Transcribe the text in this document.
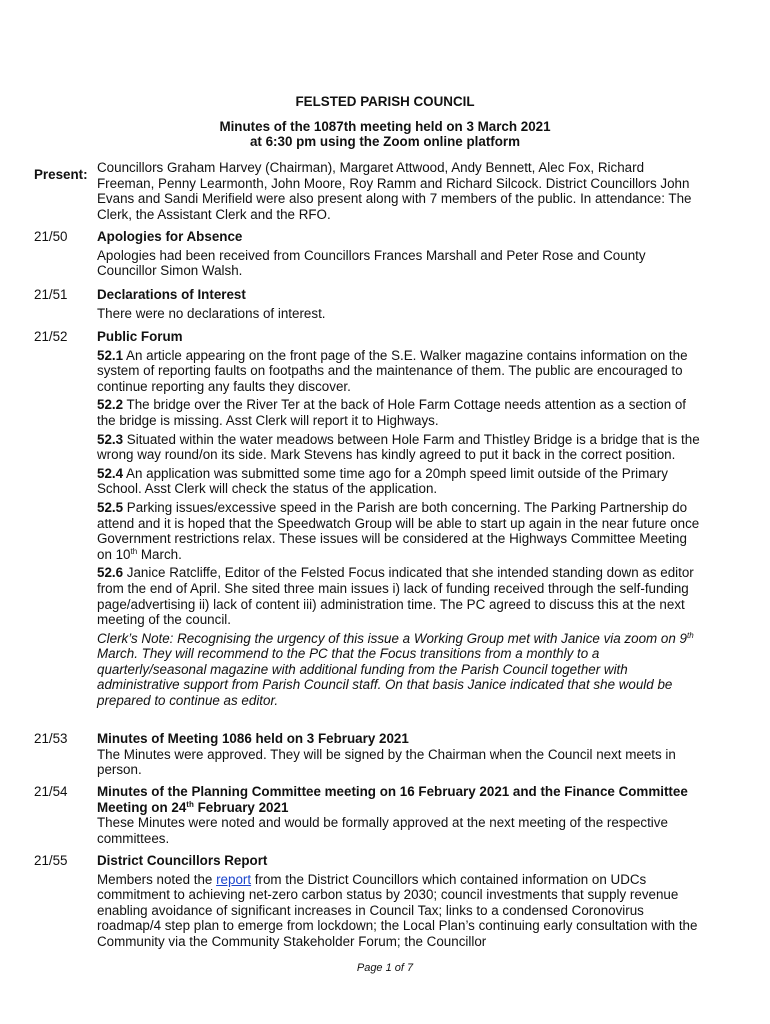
FELSTED PARISH COUNCIL
Minutes of the 1087th meeting held on 3 March 2021
at 6:30 pm using the Zoom online platform
Present: Councillors Graham Harvey (Chairman), Margaret Attwood, Andy Bennett, Alec Fox, Richard Freeman, Penny Learmonth, John Moore, Roy Ramm and Richard Silcock. District Councillors John Evans and Sandi Merifield were also present along with 7 members of the public. In attendance: The Clerk, the Assistant Clerk and the RFO.
21/50 Apologies for Absence

Apologies had been received from Councillors Frances Marshall and Peter Rose and County Councillor Simon Walsh.

21/51 Declarations of Interest

There were no declarations of interest.

21/52 Public Forum

52.1 An article appearing on the front page of the S.E. Walker magazine contains information on the system of reporting faults on footpaths and the maintenance of them. The public are encouraged to continue reporting any faults they discover.

52.2 The bridge over the River Ter at the back of Hole Farm Cottage needs attention as a section of the bridge is missing. Asst Clerk will report it to Highways.

52.3 Situated within the water meadows between Hole Farm and Thistley Bridge is a bridge that is the wrong way round/on its side. Mark Stevens has kindly agreed to put it back in the correct position.

52.4 An application was submitted some time ago for a 20mph speed limit outside of the Primary School. Asst Clerk will check the status of the application.

52.5 Parking issues/excessive speed in the Parish are both concerning. The Parking Partnership do attend and it is hoped that the Speedwatch Group will be able to start up again in the near future once Government restrictions relax. These issues will be considered at the Highways Committee Meeting on 10th March.

52.6 Janice Ratcliffe, Editor of the Felsted Focus indicated that she intended standing down as editor from the end of April. She sited three main issues i) lack of funding received through the self-funding page/advertising ii) lack of content iii) administration time. The PC agreed to discuss this at the next meeting of the council.

Clerk’s Note: Recognising the urgency of this issue a Working Group met with Janice via zoom on 9th March. They will recommend to the PC that the Focus transitions from a monthly to a quarterly/seasonal magazine with additional funding from the Parish Council together with administrative support from Parish Council staff. On that basis Janice indicated that she would be prepared to continue as editor.

21/53 Minutes of Meeting 1086 held on 3 February 2021

The Minutes were approved. They will be signed by the Chairman when the Council next meets in person.

21/54 Minutes of the Planning Committee meeting on 16 February 2021 and the Finance Committee Meeting on 24th February 2021

These Minutes were noted and would be formally approved at the next meeting of the respective committees.

21/55 District Councillors Report

Members noted the report from the District Councillors which contained information on UDCs commitment to achieving net-zero carbon status by 2030; council investments that supply revenue enabling avoidance of significant increases in Council Tax; links to a condensed Coronovirus roadmap/4 step plan to emerge from lockdown; the Local Plan’s continuing early consultation with the Community via the Community Stakeholder Forum; the Councillor

Page 1 of 7
